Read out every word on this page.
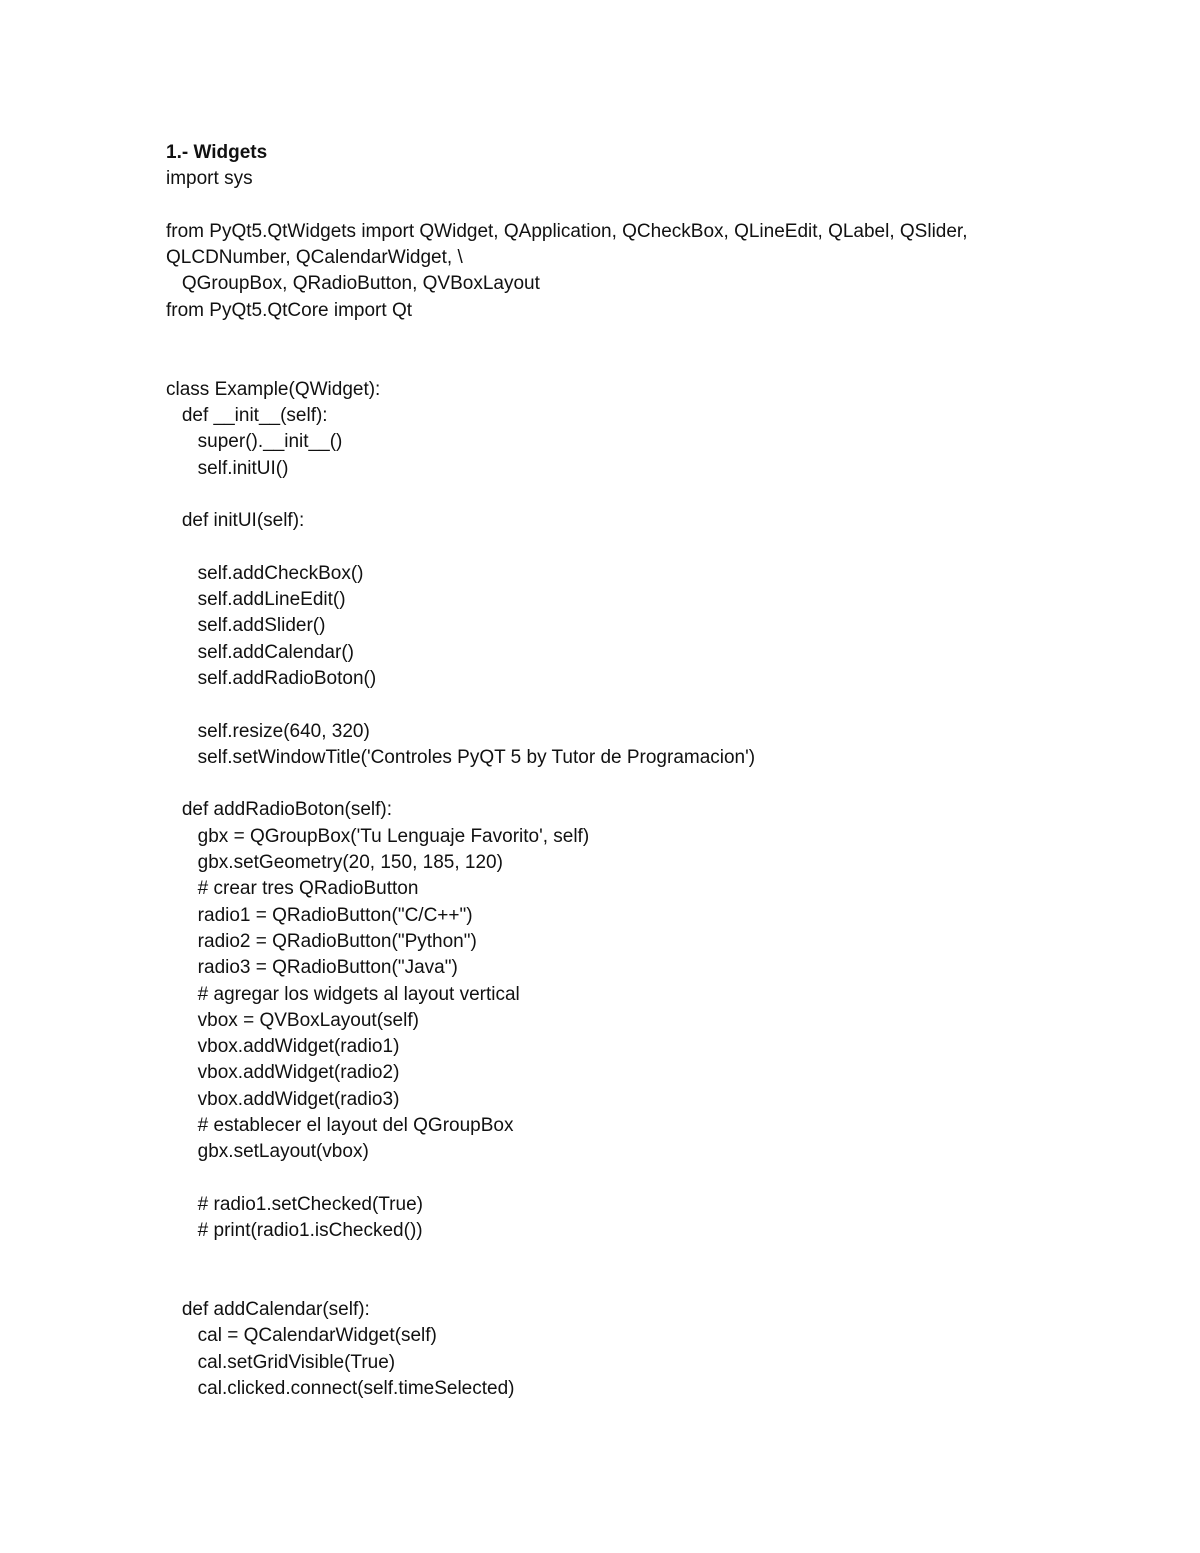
1.- Widgets
import sys
from PyQt5.QtWidgets import QWidget, QApplication, QCheckBox, QLineEdit, QLabel, QSlider,
QLCDNumber, QCalendarWidget, \
QGroupBox, QRadioButton, QVBoxLayout
from PyQt5.QtCore import Qt
class Example(QWidget):
def __init__(self):
super().__init__()
self.initUI()
def initUI(self):
self.addCheckBox()
self.addLineEdit()
self.addSlider()
self.addCalendar()
self.addRadioBoton()
self.resize(640, 320)
self.setWindowTitle('Controles PyQT 5 by Tutor de Programacion')
def addRadioBoton(self):
gbx = QGroupBox('Tu Lenguaje Favorito', self)
gbx.setGeometry(20, 150, 185, 120)
# crear tres QRadioButton
radio1 = QRadioButton("C/C++")
radio2 = QRadioButton("Python")
radio3 = QRadioButton("Java")
# agregar los widgets al layout vertical
vbox = QVBoxLayout(self)
vbox.addWidget(radio1)
vbox.addWidget(radio2)
vbox.addWidget(radio3)
# establecer el layout del QGroupBox
gbx.setLayout(vbox)
# radio1.setChecked(True)
# print(radio1.isChecked())
def addCalendar(self):
cal = QCalendarWidget(self)
cal.setGridVisible(True)
cal.clicked.connect(self.timeSelected)
